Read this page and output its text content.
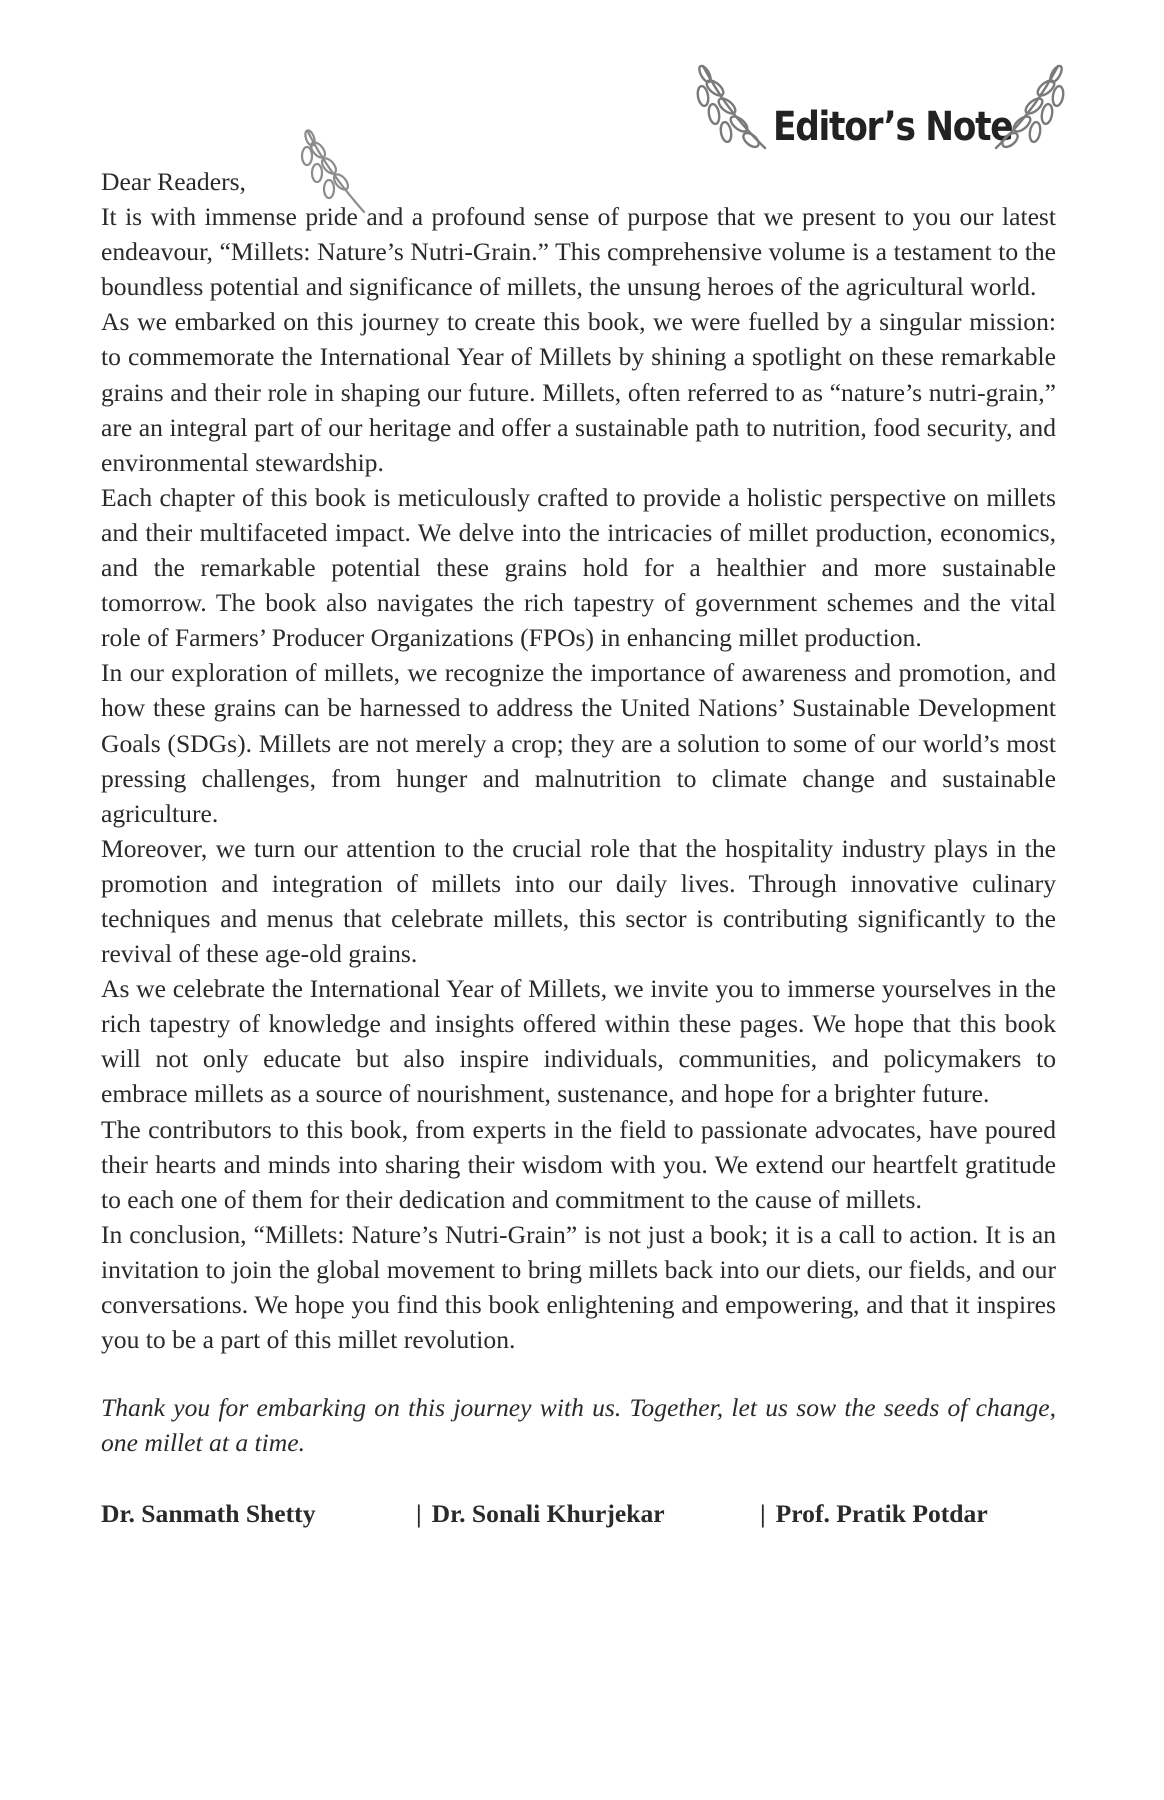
Editor’s Note

Dear Readers,

It is with immense pride and a profound sense of purpose that we present to you our latest endeavour, “Millets: Nature’s Nutri-Grain.” This comprehensive volume is a testament to the boundless potential and significance of millets, the unsung heroes of the agricultural world.

As we embarked on this journey to create this book, we were fuelled by a singular mission: to commemorate the International Year of Millets by shining a spotlight on these remarkable grains and their role in shaping our future. Millets, often referred to as “nature’s nutri-grain,” are an integral part of our heritage and offer a sustainable path to nutrition, food security, and environmental stewardship.

Each chapter of this book is meticulously crafted to provide a holistic perspective on millets and their multifaceted impact. We delve into the intricacies of millet production, economics, and the remarkable potential these grains hold for a healthier and more sustainable tomorrow. The book also navigates the rich tapestry of government schemes and the vital role of Farmers’ Producer Organizations (FPOs) in enhancing millet production.

In our exploration of millets, we recognize the importance of awareness and promotion, and how these grains can be harnessed to address the United Nations’ Sustainable Development Goals (SDGs). Millets are not merely a crop; they are a solution to some of our world’s most pressing challenges, from hunger and malnutrition to climate change and sustainable agriculture.

Moreover, we turn our attention to the crucial role that the hospitality industry plays in the promotion and integration of millets into our daily lives. Through innovative culinary techniques and menus that celebrate millets, this sector is contributing significantly to the revival of these age-old grains.

As we celebrate the International Year of Millets, we invite you to immerse yourselves in the rich tapestry of knowledge and insights offered within these pages. We hope that this book will not only educate but also inspire individuals, communities, and policymakers to embrace millets as a source of nourishment, sustenance, and hope for a brighter future.

The contributors to this book, from experts in the field to passionate advocates, have poured their hearts and minds into sharing their wisdom with you. We extend our heartfelt gratitude to each one of them for their dedication and commitment to the cause of millets.

In conclusion, “Millets: Nature’s Nutri-Grain” is not just a book; it is a call to action. It is an invitation to join the global movement to bring millets back into our diets, our fields, and our conversations. We hope you find this book enlightening and empowering, and that it inspires you to be a part of this millet revolution.

Thank you for embarking on this journey with us. Together, let us sow the seeds of change, one millet at a time.

Dr. Sanmath Shetty	| Dr. Sonali Khurjekar	| Prof. Pratik Potdar
